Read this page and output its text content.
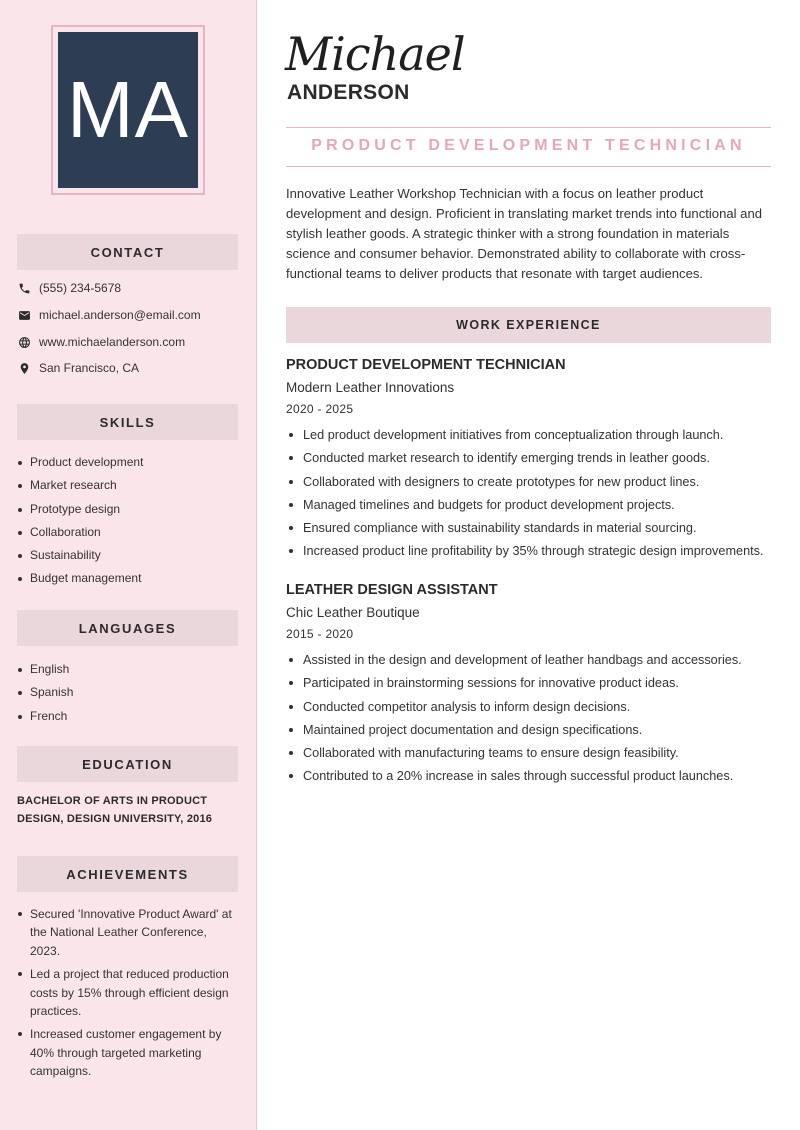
MA
CONTACT
(555) 234-5678
michael.anderson@email.com
www.michaelanderson.com
San Francisco, CA
SKILLS
Product development
Market research
Prototype design
Collaboration
Sustainability
Budget management
LANGUAGES
English
Spanish
French
EDUCATION
BACHELOR OF ARTS IN PRODUCT DESIGN, DESIGN UNIVERSITY, 2016
ACHIEVEMENTS
Secured 'Innovative Product Award' at the National Leather Conference, 2023.
Led a project that reduced production costs by 15% through efficient design practices.
Increased customer engagement by 40% through targeted marketing campaigns.
Michael
ANDERSON
PRODUCT DEVELOPMENT TECHNICIAN
Innovative Leather Workshop Technician with a focus on leather product development and design. Proficient in translating market trends into functional and stylish leather goods. A strategic thinker with a strong foundation in materials science and consumer behavior. Demonstrated ability to collaborate with cross-functional teams to deliver products that resonate with target audiences.
WORK EXPERIENCE
PRODUCT DEVELOPMENT TECHNICIAN
Modern Leather Innovations
2020 - 2025
Led product development initiatives from conceptualization through launch.
Conducted market research to identify emerging trends in leather goods.
Collaborated with designers to create prototypes for new product lines.
Managed timelines and budgets for product development projects.
Ensured compliance with sustainability standards in material sourcing.
Increased product line profitability by 35% through strategic design improvements.
LEATHER DESIGN ASSISTANT
Chic Leather Boutique
2015 - 2020
Assisted in the design and development of leather handbags and accessories.
Participated in brainstorming sessions for innovative product ideas.
Conducted competitor analysis to inform design decisions.
Maintained project documentation and design specifications.
Collaborated with manufacturing teams to ensure design feasibility.
Contributed to a 20% increase in sales through successful product launches.
